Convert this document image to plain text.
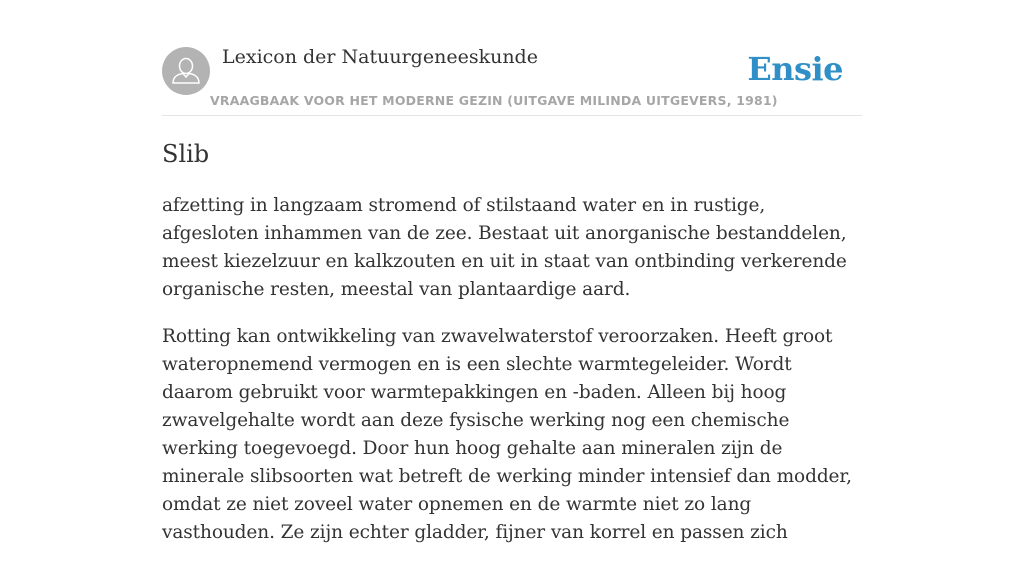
Lexicon der Natuurgeneeskunde
VRAAGBAAK VOOR HET MODERNE GEZIN (UITGAVE MILINDA UITGEVERS, 1981)
Ensie
Slib

afzetting in langzaam stromend of stilstaand water en in rustige, afgesloten inhammen van de zee. Bestaat uit anorganische bestanddelen, meest kiezelzuur en kalkzouten en uit in staat van ontbinding verkerende organische resten, meestal van plantaardige aard.

Rotting kan ontwikkeling van zwavelwaterstof veroorzaken. Heeft groot wateropnemend vermogen en is een slechte warmtegeleider. Wordt daarom gebruikt voor warmtepakkingen en -baden. Alleen bij hoog zwavelgehalte wordt aan deze fysische werking nog een chemische werking toegevoegd. Door hun hoog gehalte aan mineralen zijn de minerale slibsoorten wat betreft de werking minder intensief dan modder, omdat ze niet zoveel water opnemen en de warmte niet zo lang vasthouden. Ze zijn echter gladder, fijner van korrel en passen zich
